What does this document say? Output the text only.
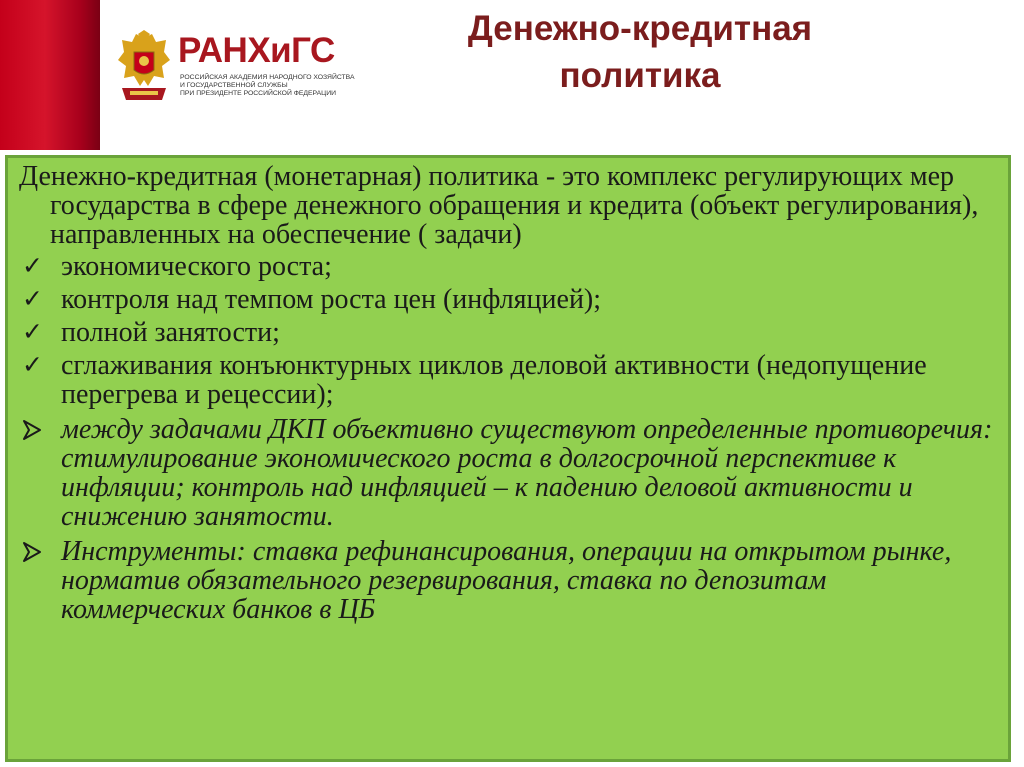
РАНХиГС
РОССИЙСКАЯ АКАДЕМИЯ НАРОДНОГО ХОЗЯЙСТВА
И ГОСУДАРСТВЕННОЙ СЛУЖБЫ
ПРИ ПРЕЗИДЕНТЕ РОССИЙСКОЙ ФЕДЕРАЦИИ
Денежно-кредитная
политика

Денежно-кредитная (монетарная) политика - это комплекс регулирующих мер государства в сфере денежного обращения и кредита (объект регулирования), направленных на обеспечение ( задачи)

✓ экономического роста;
✓ контроля над темпом роста цен (инфляцией);
✓ полной занятости;
✓ сглаживания конъюнктурных циклов деловой активности (недопущение перегрева и рецессии);
между задачами ДКП объективно существуют определенные противоречия: стимулирование экономического роста в долгосрочной перспективе к инфляции; контроль над инфляцией – к падению деловой активности и снижению занятости.
Инструменты: ставка рефинансирования, операции на открытом рынке, норматив обязательного резервирования, ставка по депозитам коммерческих банков в ЦБ
